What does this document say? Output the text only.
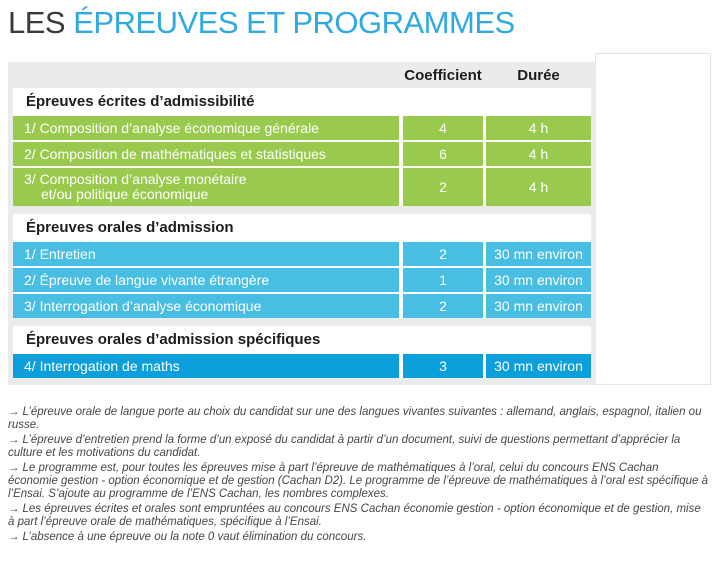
LES ÉPREUVES ET PROGRAMMES
Coefficient	Durée
Épreuves écrites d’admissibilité
1/ Composition d’analyse économique générale	4	4 h
2/ Composition de mathématiques et statistiques	6	4 h
3/ Composition d’analyse monétaire
et/ou politique économique	2	4 h
Épreuves orales d’admission
1/ Entretien	2	30 mn environ
2/ Épreuve de langue vivante étrangère	1	30 mn environ
3/ Interrogation d’analyse économique	2	30 mn environ
Épreuves orales d’admission spécifiques
4/ Interrogation de maths	3	30 mn environ
→ L’épreuve orale de langue porte au choix du candidat sur une des langues vivantes suivantes : allemand, anglais, espagnol, italien ou russe.
→ L’épreuve d’entretien prend la forme d’un exposé du candidat à partir d’un document, suivi de questions permettant d’apprécier la culture et les motivations du candidat.
→ Le programme est, pour toutes les épreuves mise à part l’épreuve de mathématiques à l’oral, celui du concours ENS Cachan économie gestion - option économique et de gestion (Cachan D2). Le programme de l’épreuve de mathématiques à l’oral est spécifique à l’Ensai. S’ajoute au programme de l’ENS Cachan, les nombres complexes.
→ Les épreuves écrites et orales sont empruntées au concours ENS Cachan économie gestion - option économique et de gestion, mise à part l’épreuve orale de mathématiques, spécifique à l’Ensai.
→ L’absence à une épreuve ou la note 0 vaut élimination du concours.
